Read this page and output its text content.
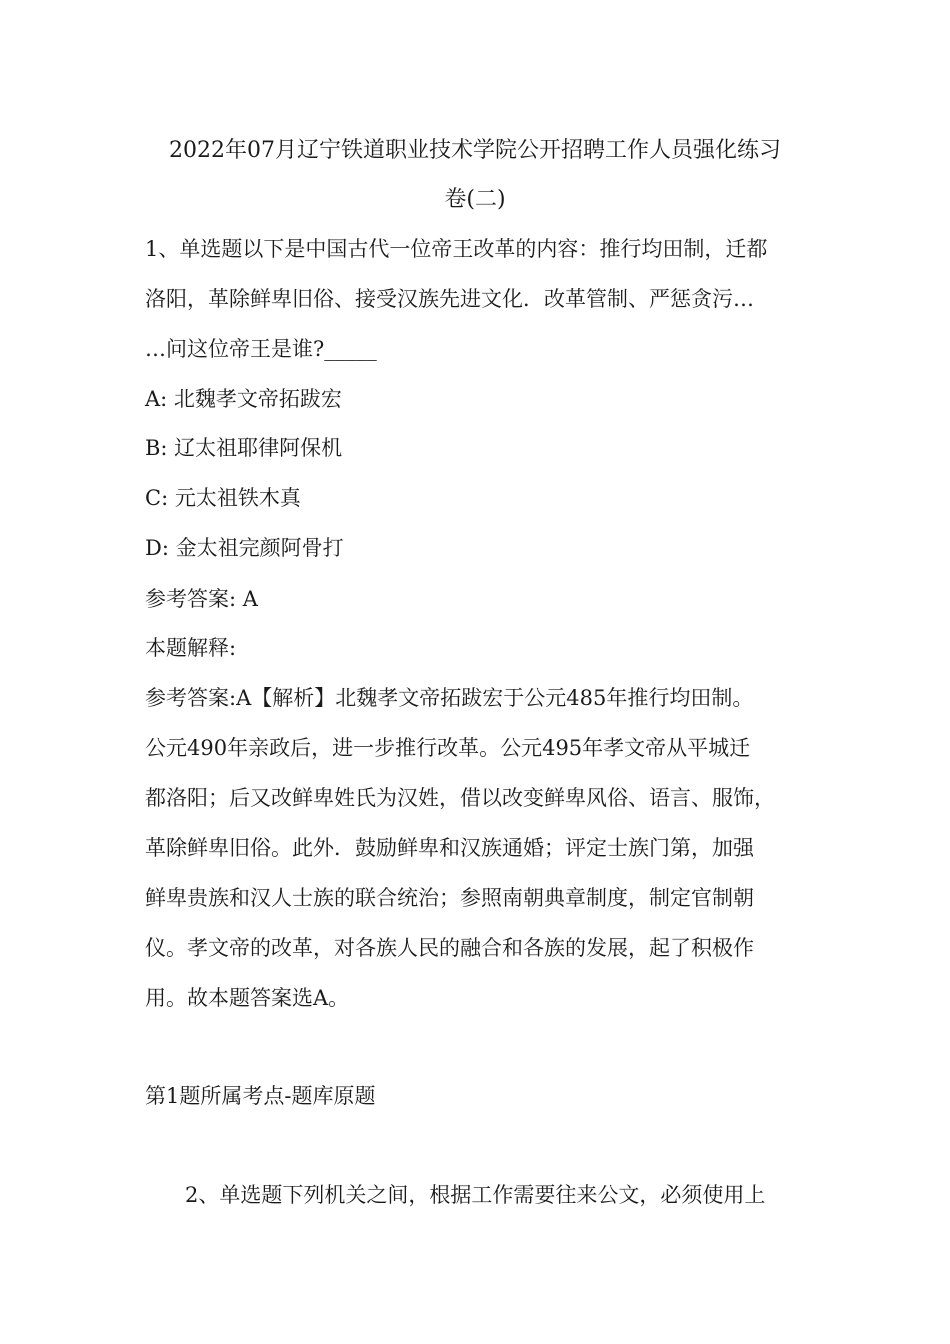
2022年07月辽宁铁道职业技术学院公开招聘工作人员强化练习
卷(二)

1、单选题以下是中国古代一位帝王改革的内容：推行均田制，迁都

洛阳，革除鲜卑旧俗、接受汉族先进文化．改革管制、严惩贪污…

…问这位帝王是谁?_____

A: 北魏孝文帝拓跋宏

B: 辽太祖耶律阿保机

C: 元太祖铁木真

D: 金太祖完颜阿骨打

参考答案: A

本题解释:

参考答案:A【解析】北魏孝文帝拓跋宏于公元485年推行均田制。

公元490年亲政后，进一步推行改革。公元495年孝文帝从平城迁

都洛阳；后又改鲜卑姓氏为汉姓，借以改变鲜卑风俗、语言、服饰，

革除鲜卑旧俗。此外．鼓励鲜卑和汉族通婚；评定士族门第，加强

鲜卑贵族和汉人士族的联合统治；参照南朝典章制度，制定官制朝

仪。孝文帝的改革，对各族人民的融合和各族的发展，起了积极作

用。故本题答案选A。

第1题所属考点-题库原题

2、单选题下列机关之间，根据工作需要往来公文，必须使用上
